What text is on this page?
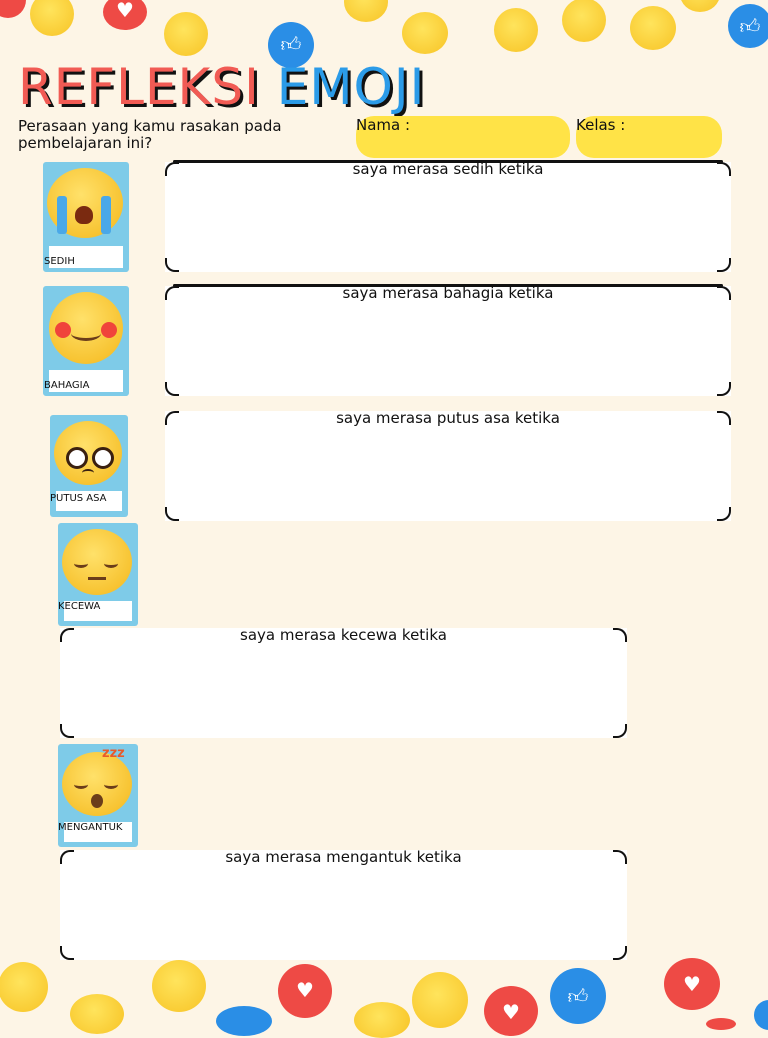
♥
👍︎
👍︎
♥
♥
👍︎	♥
REFLEKSI EMOJI
Perasaan yang kamu rasakan pada pembelajaran ini?
Nama :	Kelas :
SEDIH
saya merasa sedih ketika
BAHAGIA
saya merasa bahagia ketika
PUTUS ASA
saya merasa putus asa ketika
KECEWA
saya merasa kecewa ketika
zzz
MENGANTUK
saya merasa mengantuk ketika
